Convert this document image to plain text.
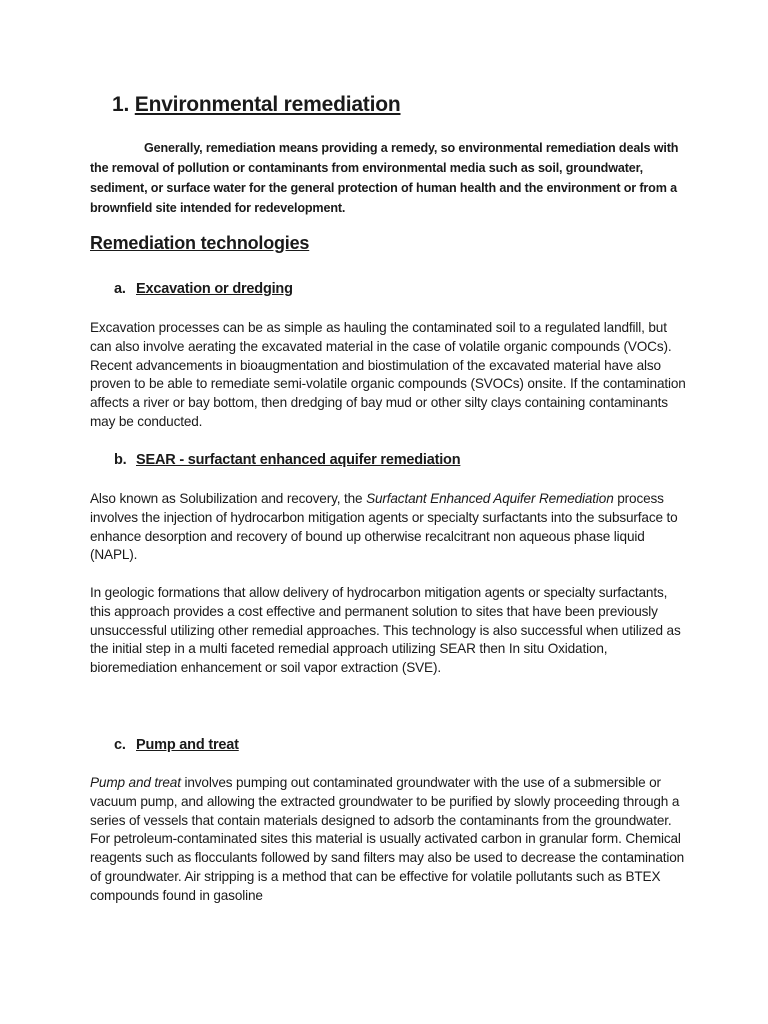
1. Environmental remediation

Generally, remediation means providing a remedy, so environmental remediation deals with the removal of pollution or contaminants from environmental media such as soil, groundwater, sediment, or surface water for the general protection of human health and the environment or from a brownfield site intended for redevelopment.

Remediation technologies
a. Excavation or dredging

Excavation processes can be as simple as hauling the contaminated soil to a regulated landfill, but can also involve aerating the excavated material in the case of volatile organic compounds (VOCs). Recent advancements in bioaugmentation and biostimulation of the excavated material have also proven to be able to remediate semi-volatile organic compounds (SVOCs) onsite. If the contamination affects a river or bay bottom, then dredging of bay mud or other silty clays containing contaminants may be conducted.

b. SEAR - surfactant enhanced aquifer remediation

Also known as Solubilization and recovery, the Surfactant Enhanced Aquifer Remediation process involves the injection of hydrocarbon mitigation agents or specialty surfactants into the subsurface to enhance desorption and recovery of bound up otherwise recalcitrant non aqueous phase liquid (NAPL).

In geologic formations that allow delivery of hydrocarbon mitigation agents or specialty surfactants, this approach provides a cost effective and permanent solution to sites that have been previously unsuccessful utilizing other remedial approaches. This technology is also successful when utilized as the initial step in a multi faceted remedial approach utilizing SEAR then In situ Oxidation, bioremediation enhancement or soil vapor extraction (SVE).

c. Pump and treat

Pump and treat involves pumping out contaminated groundwater with the use of a submersible or vacuum pump, and allowing the extracted groundwater to be purified by slowly proceeding through a series of vessels that contain materials designed to adsorb the contaminants from the groundwater. For petroleum-contaminated sites this material is usually activated carbon in granular form. Chemical reagents such as flocculants followed by sand filters may also be used to decrease the contamination of groundwater. Air stripping is a method that can be effective for volatile pollutants such as BTEX compounds found in gasoline
